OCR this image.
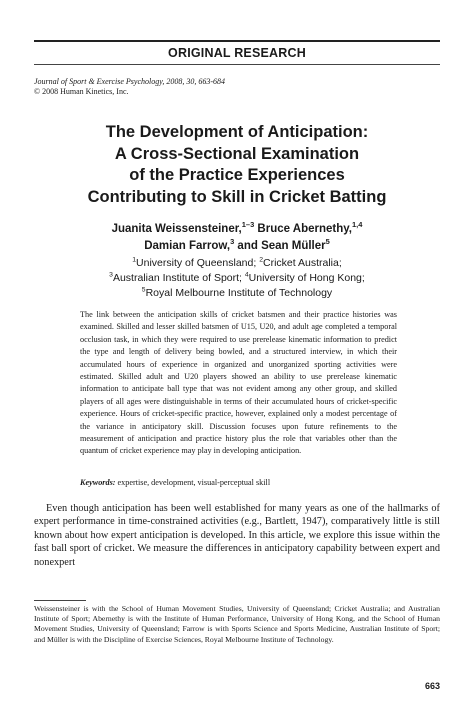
ORIGINAL RESEARCH
Journal of Sport & Exercise Psychology, 2008, 30, 663-684
© 2008 Human Kinetics, Inc.
The Development of Anticipation:
A Cross-Sectional Examination
of the Practice Experiences
Contributing to Skill in Cricket Batting
Juanita Weissensteiner,$^{1-3}$ Bruce Abernethy,$^{1,4}$
Damian Farrow,$^3$ and Sean Müller$^5$
$^1$University of Queensland; $^2$Cricket Australia;
$^3$Australian Institute of Sport; $^4$University of Hong Kong;
$^5$Royal Melbourne Institute of Technology

The link between the anticipation skills of cricket batsmen and their practice histories was examined. Skilled and lesser skilled batsmen of U15, U20, and adult age completed a temporal occlusion task, in which they were required to use prerelease kinematic information to predict the type and length of delivery being bowled, and a structured interview, in which their accumulated hours of experience in organized and unorganized sporting activities were estimated. Skilled adult and U20 players showed an ability to use prerelease kinematic information to anticipate ball type that was not evident among any other group, and skilled players of all ages were distinguishable in terms of their accumulated hours of cricket-specific experience. Hours of cricket-specific practice, however, explained only a modest percentage of the variance in anticipatory skill. Discussion focuses upon future refinements to the measurement of anticipation and practice history plus the role that variables other than the quantum of cricket experience may play in developing anticipation.

Keywords: expertise, development, visual-perceptual skill

Even though anticipation has been well established for many years as one of the hallmarks of expert performance in time-constrained activities (e.g., Bartlett, 1947), comparatively little is still known about how expert anticipation is developed. In this article, we explore this issue within the fast ball sport of cricket. We measure the differences in anticipatory capability between expert and nonexpert

Weissensteiner is with the School of Human Movement Studies, University of Queensland; Cricket Australia; and Australian Institute of Sport; Abernethy is with the Institute of Human Performance, University of Hong Kong, and the School of Human Movement Studies, University of Queensland; Farrow is with Sports Science and Sports Medicine, Australian Institute of Sport; and Müller is with the Discipline of Exercise Sciences, Royal Melbourne Institute of Technology.

663
